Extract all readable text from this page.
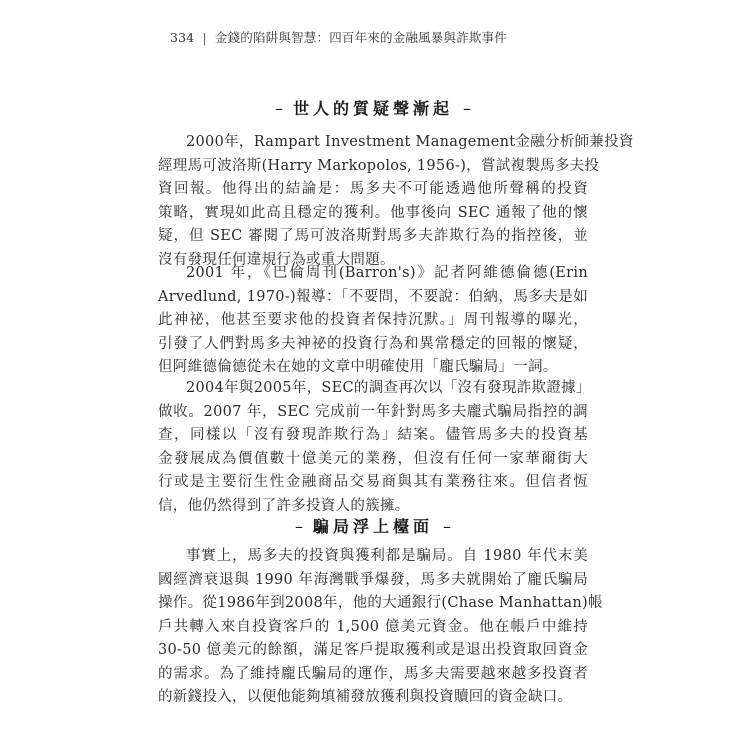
334 | 金錢的陷阱與智慧：四百年來的金融風暴與詐欺事件
– 世人的質疑聲漸起 –
2000年，Rampart Investment Management金融分析師兼投資
經理馬可波洛斯(Harry Markopolos, 1956-)，嘗試複製馬多夫投
資回報。他得出的結論是：馬多夫不可能透過他所聲稱的投資
策略，實現如此高且穩定的獲利。他事後向 SEC 通報了他的懷
疑，但 SEC 審閱了馬可波洛斯對馬多夫詐欺行為的指控後，並
沒有發現任何違規行為或重大問題。
2001 年，《巴倫周刊(Barron's)》記者阿維德倫德(Erin
Arvedlund, 1970-)報導：「不要問，不要說：伯納，馬多夫是如
此神祕，他甚至要求他的投資者保持沉默。」周刊報導的曝光，
引發了人們對馬多夫神祕的投資行為和異常穩定的回報的懷疑，
但阿維德倫德從未在她的文章中明確使用「龐氏騙局」一詞。
2004年與2005年，SEC的調查再次以「沒有發現詐欺證據」
做收。2007 年，SEC 完成前一年針對馬多夫龐式騙局指控的調
查，同樣以「沒有發現詐欺行為」結案。儘管馬多夫的投資基
金發展成為價值數十億美元的業務，但沒有任何一家華爾街大
行或是主要衍生性金融商品交易商與其有業務往來。但信者恆
信，他仍然得到了許多投資人的簇擁。
– 騙局浮上檯面 –
事實上，馬多夫的投資與獲利都是騙局。自 1980 年代末美
國經濟衰退與 1990 年海灣戰爭爆發，馬多夫就開始了龐氏騙局
操作。從1986年到2008年，他的大通銀行(Chase Manhattan)帳
戶共轉入來自投資客戶的 1,500 億美元資金。他在帳戶中維持
30-50 億美元的餘額，滿足客戶提取獲利或是退出投資取回資金
的需求。為了維持龐氏騙局的運作，馬多夫需要越來越多投資者
的新錢投入，以便他能夠填補發放獲利與投資贖回的資金缺口。
